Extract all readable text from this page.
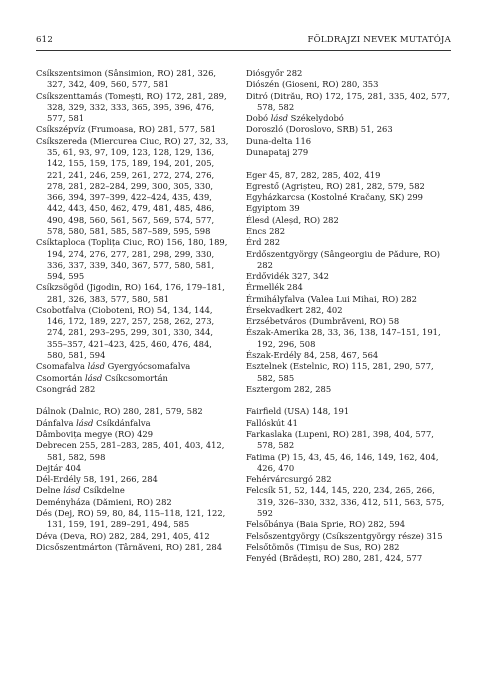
612	FÖLDRAJZI NEVEK MUTATÓJA

Csíkszentsimon (Sânsimion, RO) 281, 326, 327, 342, 409, 560, 577, 581

Csíkszenttamás (Tomești, RO) 172, 281, 289, 328, 329, 332, 333, 365, 395, 396, 476, 577, 581

Csíkszépvíz (Frumoasa, RO) 281, 577, 581

Csíkszereda (Miercurea Ciuc, RO) 27, 32, 33, 35, 61, 93, 97, 109, 123, 128, 129, 136, 142, 155, 159, 175, 189, 194, 201, 205, 221, 241, 246, 259, 261, 272, 274, 276, 278, 281, 282–284, 299, 300, 305, 330, 366, 394, 397–399, 422–424, 435, 439, 442, 443, 450, 462, 479, 481, 485, 486, 490, 498, 560, 561, 567, 569, 574, 577, 578, 580, 581, 585, 587–589, 595, 598

Csíktaploca (Toplița Ciuc, RO) 156, 180, 189, 194, 274, 276, 277, 281, 298, 299, 330, 336, 337, 339, 340, 367, 577, 580, 581, 594, 595

Csíkzsögöd (Jigodin, RO) 164, 176, 179–181, 281, 326, 383, 577, 580, 581

Csobotfalva (Ciobotenі, RO) 54, 134, 144, 146, 172, 189, 227, 257, 258, 262, 273, 274, 281, 293–295, 299, 301, 330, 344, 355–357, 421–423, 425, 460, 476, 484, 580, 581, 594

Csomafalva lásd Gyergyócsomafalva

Csomortán lásd Csíkcsomortán

Csongrád 282

Dálnok (Dalnic, RO) 280, 281, 579, 582

Dánfalva lásd Csíkdánfalva

Dâmbovița megye (RO) 429

Debrecen 255, 281–283, 285, 401, 403, 412, 581, 582, 598

Dejtár 404

Dél-Erdély 58, 191, 266, 284

Delne lásd Csíkdelne

Deményháza (Dămieni, RO) 282

Dés (Dej, RO) 59, 80, 84, 115–118, 121, 122, 131, 159, 191, 289–291, 494, 585

Déva (Deva, RO) 282, 284, 291, 405, 412

Dicsőszentmárton (Târnăveni, RO) 281, 284

Diósgyőr 282

Diószén (Gioseni, RO) 280, 353

Ditró (Ditrău, RO) 172, 175, 281, 335, 402, 577, 578, 582

Dobó lásd Székelydobó

Doroszló (Doroslovo, SRB) 51, 263

Duna-delta 116

Dunapataj 279

Eger 45, 87, 282, 285, 402, 419

Egrestő (Agrișteu, RO) 281, 282, 579, 582

Egyházkarcsa (Kostolné Kračany, SK) 299

Egyiptom 39

Élesd (Aleșd, RO) 282

Encs 282

Érd 282

Erdőszentgyörgy (Sângeorgiu de Pădure, RO) 282

Erdővidék 327, 342

Érmellék 284

Érmihályfalva (Valea Lui Mihai, RO) 282

Érsekvadkert 282, 402

Erzsébetváros (Dumbrăveni, RO) 58

Észak-Amerika 28, 33, 36, 138, 147–151, 191, 192, 296, 508

Észak-Erdély 84, 258, 467, 564

Esztelnek (Estelnic, RO) 115, 281, 290, 577, 582, 585

Esztergom 282, 285

Fairfield (USA) 148, 191

Fallóskút 41

Farkaslaka (Lupeni, RO) 281, 398, 404, 577, 578, 582

Fatima (P) 15, 43, 45, 46, 146, 149, 162, 404, 426, 470

Fehérvárcsurgó 282

Felcsík 51, 52, 144, 145, 220, 234, 265, 266, 319, 326–330, 332, 336, 412, 511, 563, 575, 592

Felsőbánya (Baia Sprie, RO) 282, 594

Felsőszentgyörgy (Csíkszentgyörgy része) 315

Felsőtömös (Timișu de Sus, RO) 282

Fenyéd (Brădești, RO) 280, 281, 424, 577
